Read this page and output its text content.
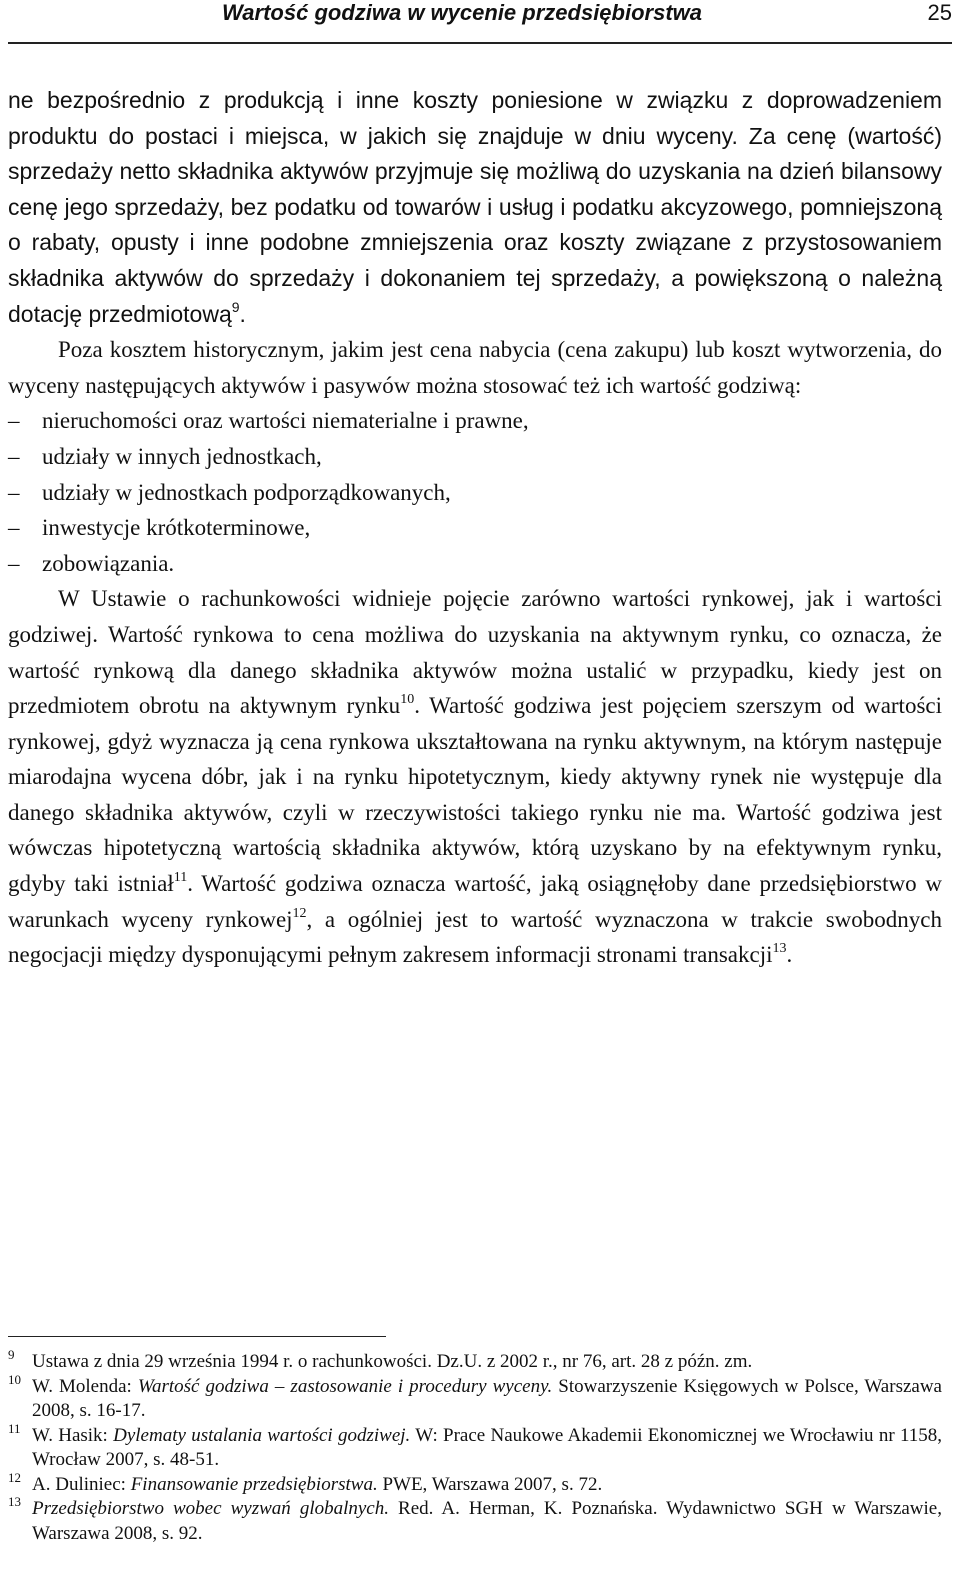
Wartość godziwa w wycenie przedsiębiorstwa	25

ne bezpośrednio z produkcją i inne koszty poniesione w związku z doprowadzeniem produktu do postaci i miejsca, w jakich się znajduje w dniu wyceny. Za cenę (wartość) sprzedaży netto składnika aktywów przyjmuje się możliwą do uzyskania na dzień bilansowy cenę jego sprzedaży, bez podatku od towarów i usług i podatku akcyzowego, pomniejszoną o rabaty, opusty i inne podobne zmniejszenia oraz koszty związane z przystosowaniem składnika aktywów do sprzedaży i dokonaniem tej sprzedaży, a powiększoną o należną dotację przedmiotową$^9$.

Poza kosztem historycznym, jakim jest cena nabycia (cena zakupu) lub koszt wytworzenia, do wyceny następujących aktywów i pasywów można stosować też ich wartość godziwą:

– nieruchomości oraz wartości niematerialne i prawne,
– udziały w innych jednostkach,
– udziały w jednostkach podporządkowanych,
– inwestycje krótkoterminowe,
– zobowiązania.

W Ustawie o rachunkowości widnieje pojęcie zarówno wartości rynkowej, jak i wartości godziwej. Wartość rynkowa to cena możliwa do uzyskania na aktywnym rynku, co oznacza, że wartość rynkową dla danego składnika aktywów można ustalić w przypadku, kiedy jest on przedmiotem obrotu na aktywnym rynku$^{10}$. Wartość godziwa jest pojęciem szerszym od wartości rynkowej, gdyż wyznacza ją cena rynkowa ukształtowana na rynku aktywnym, na którym następuje miarodajna wycena dóbr, jak i na rynku hipotetycznym, kiedy aktywny rynek nie występuje dla danego składnika aktywów, czyli w rzeczywistości takiego rynku nie ma. Wartość godziwa jest wówczas hipotetyczną wartością składnika aktywów, którą uzyskano by na efektywnym rynku, gdyby taki istniał$^{11}$. Wartość godziwa oznacza wartość, jaką osiągnęłoby dane przedsiębiorstwo w warunkach wyceny rynkowej$^{12}$, a ogólniej jest to wartość wyznaczona w trakcie swobodnych negocjacji między dysponującymi pełnym zakresem informacji stronami transakcji$^{13}$.

9 Ustawa z dnia 29 września 1994 r. o rachunkowości. Dz.U. z 2002 r., nr 76, art. 28 z późn. zm.
10 W. Molenda: Wartość godziwa – zastosowanie i procedury wyceny. Stowarzyszenie Księgowych w Polsce, Warszawa 2008, s. 16-17.
11 W. Hasik: Dylematy ustalania wartości godziwej. W: Prace Naukowe Akademii Ekonomicznej we Wrocławiu nr 1158, Wrocław 2007, s. 48-51.
12 A. Duliniec: Finansowanie przedsiębiorstwa. PWE, Warszawa 2007, s. 72.
13 Przedsiębiorstwo wobec wyzwań globalnych. Red. A. Herman, K. Poznańska. Wydawnictwo SGH w Warszawie, Warszawa 2008, s. 92.
